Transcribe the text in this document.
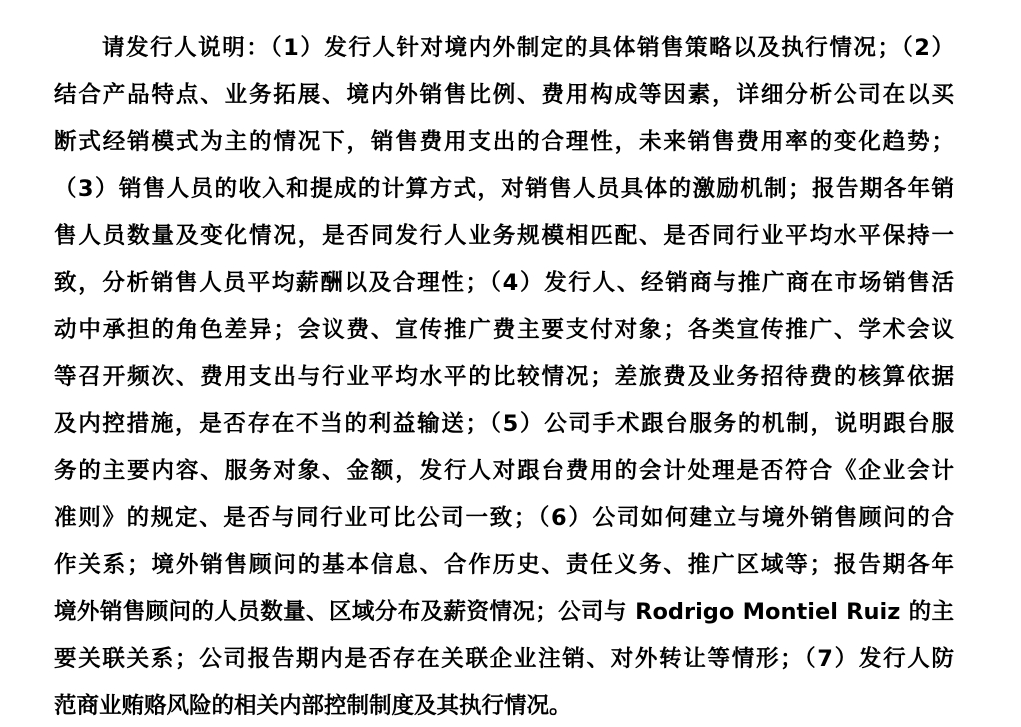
请发行人说明：（1）发行人针对境内外制定的具体销售策略以及执行情况；（2）
结合产品特点、业务拓展、境内外销售比例、费用构成等因素，详细分析公司在以买
断式经销模式为主的情况下，销售费用支出的合理性，未来销售费用率的变化趋势；
（3）销售人员的收入和提成的计算方式，对销售人员具体的激励机制；报告期各年销
售人员数量及变化情况，是否同发行人业务规模相匹配、是否同行业平均水平保持一
致，分析销售人员平均薪酬以及合理性；（4）发行人、经销商与推广商在市场销售活
动中承担的角色差异；会议费、宣传推广费主要支付对象；各类宣传推广、学术会议
等召开频次、费用支出与行业平均水平的比较情况；差旅费及业务招待费的核算依据
及内控措施，是否存在不当的利益输送；（5）公司手术跟台服务的机制，说明跟台服
务的主要内容、服务对象、金额，发行人对跟台费用的会计处理是否符合《企业会计
准则》的规定、是否与同行业可比公司一致；（6）公司如何建立与境外销售顾问的合
作关系；境外销售顾问的基本信息、合作历史、责任义务、推广区域等；报告期各年
境外销售顾问的人员数量、区域分布及薪资情况；公司与 Rodrigo Montiel Ruiz 的主
要关联关系；公司报告期内是否存在关联企业注销、对外转让等情形；（7）发行人防
范商业贿赂风险的相关内部控制制度及其执行情况。
